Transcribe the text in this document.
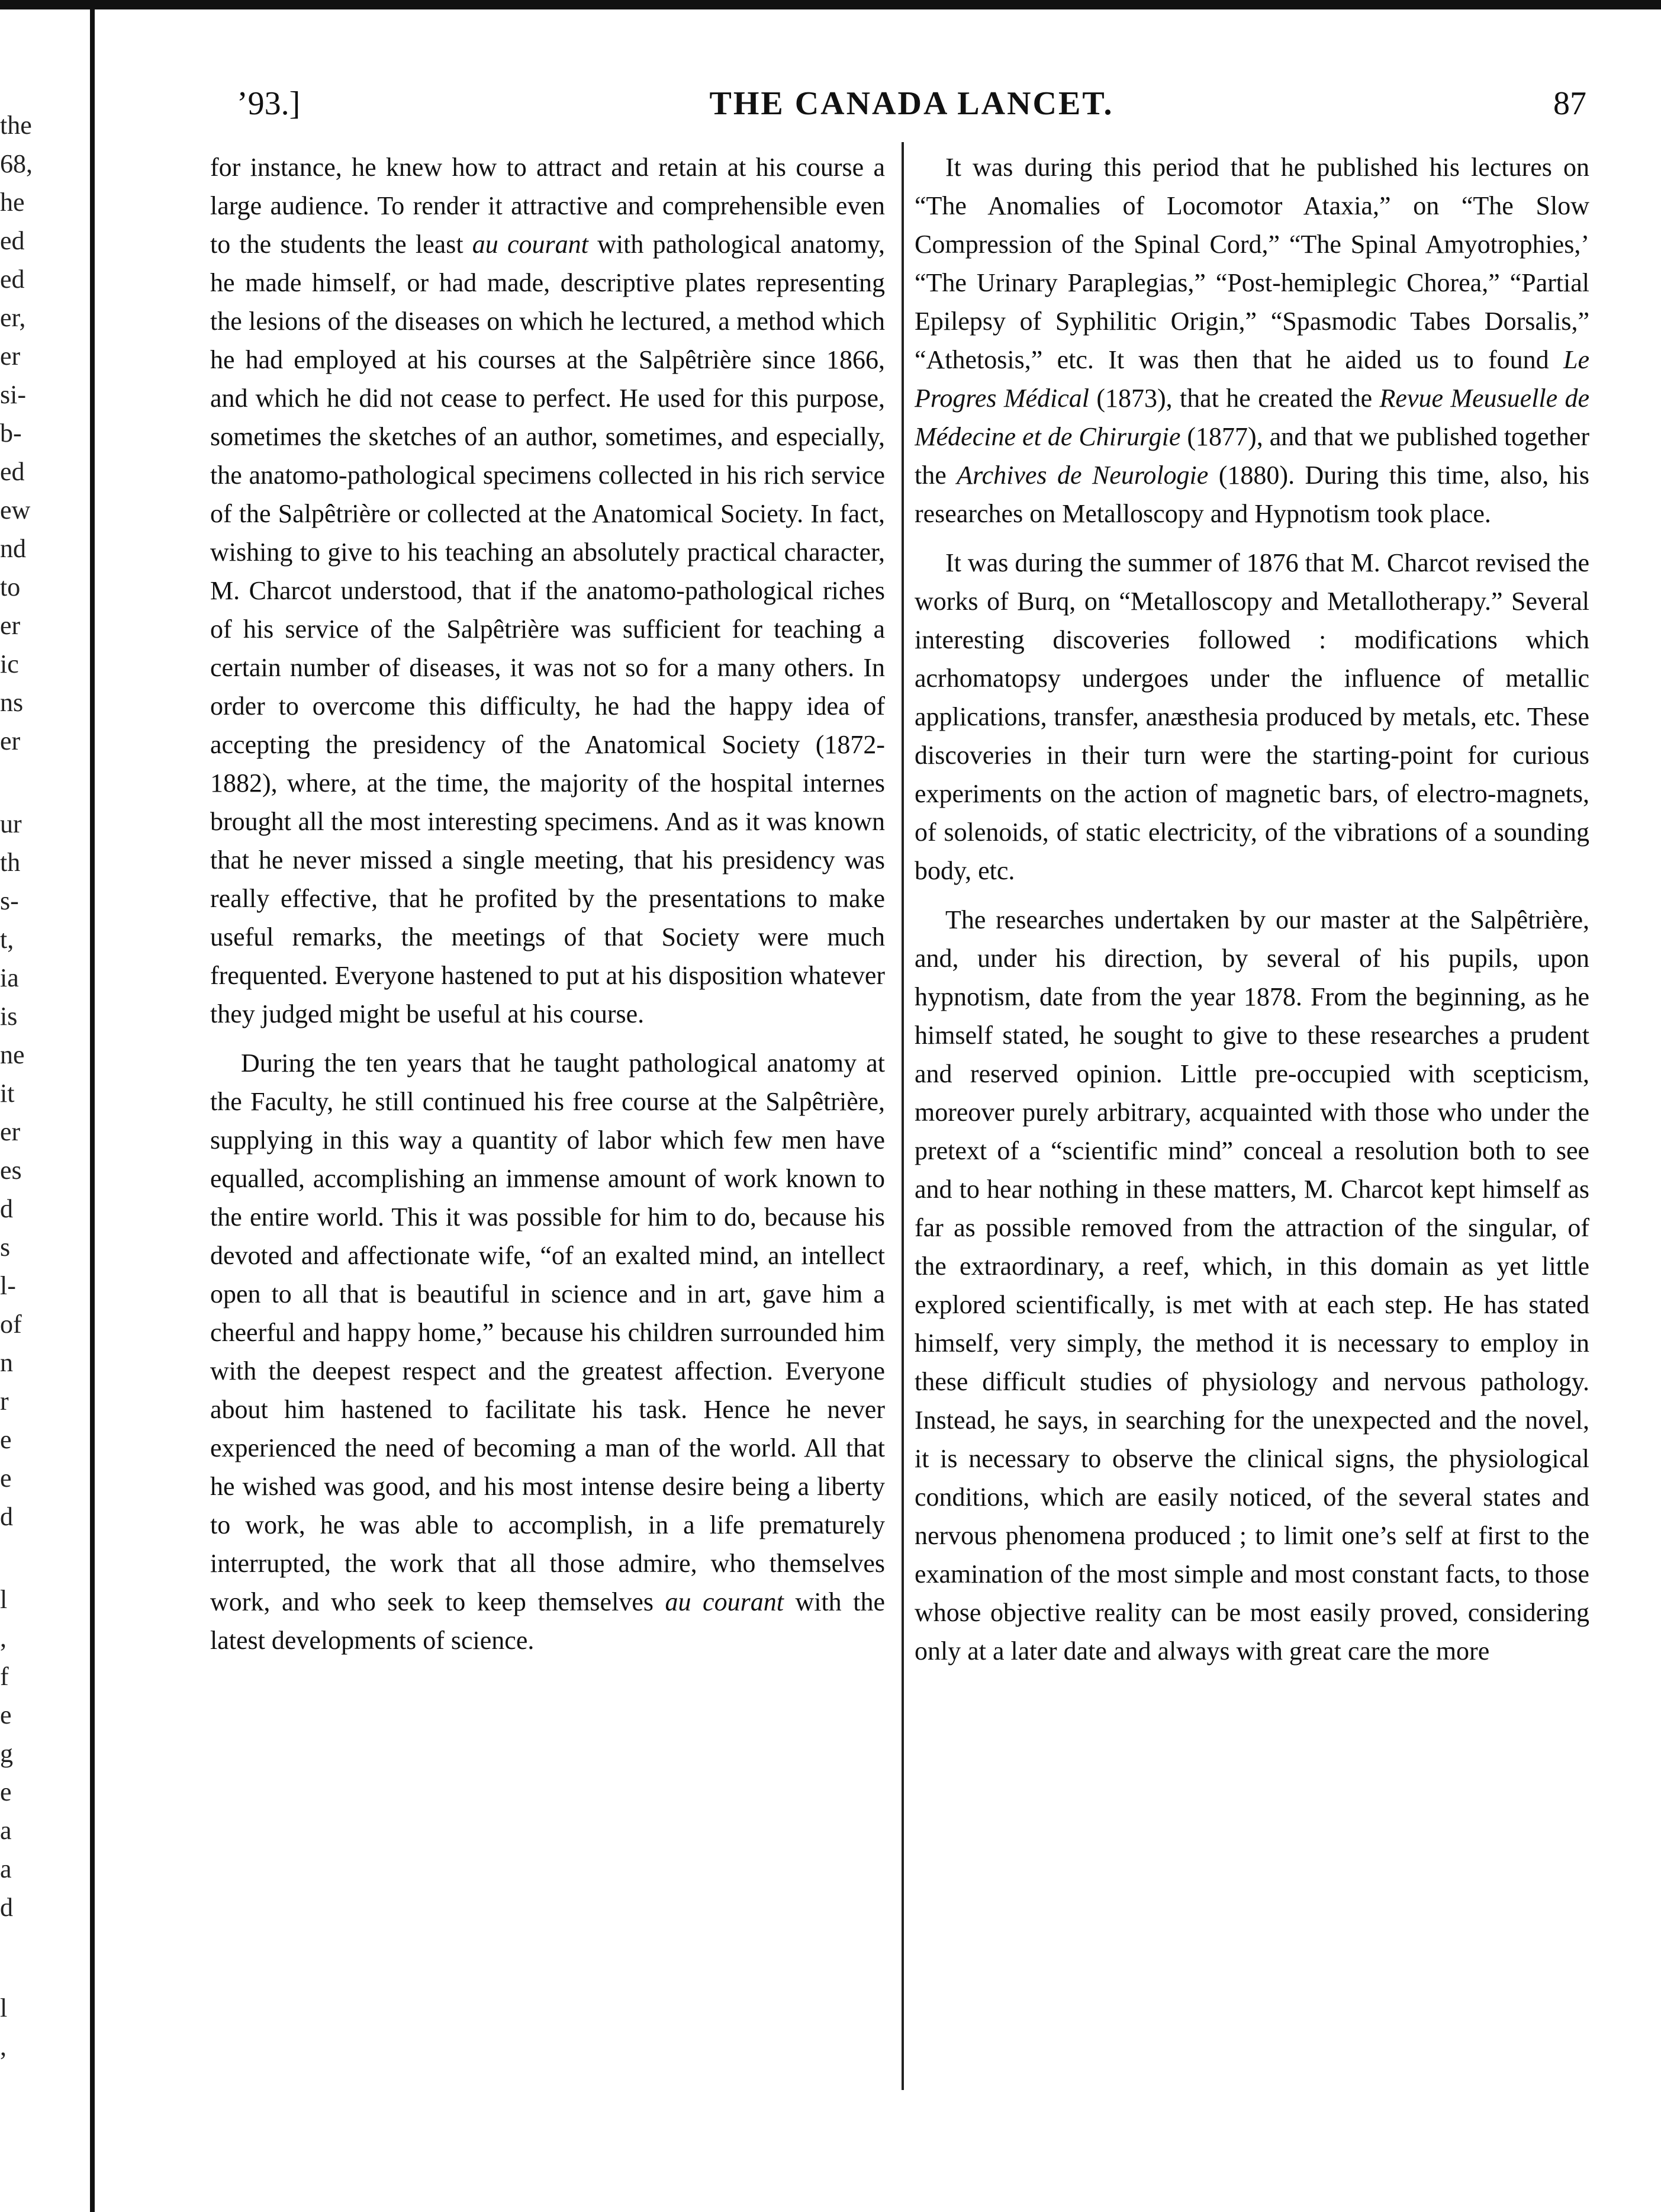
the
68,
he
ed
ed
er,
er
si-
b-
ed
ew
nd
to
er
ic
ns
er
ur
th
s-
t,
ia
is
ne
it
er
es
d
s
l-
of
n
r
e
e
d
l
,
f
e
g
e
a
a
d
l
,
’93.]	THE CANADA LANCET.	87

for instance, he knew how to attract and retain at his course a large audience. To render it attractive and comprehensible even to the students the least au courant with pathological anatomy, he made himself, or had made, descriptive plates representing the lesions of the diseases on which he lectured, a method which he had employed at his courses at the Salpêtrière since 1866, and which he did not cease to perfect. He used for this purpose, sometimes the sketches of an author, sometimes, and especially, the anatomo-pathological specimens collected in his rich service of the Salpêtrière or collected at the Anatomical Society. In fact, wishing to give to his teaching an absolutely practical character, M. Charcot understood, that if the anatomo-pathological riches of his service of the Salpêtrière was sufficient for teaching a certain number of diseases, it was not so for a many others. In order to overcome this difficulty, he had the happy idea of accepting the presidency of the Anatomical Society (1872-1882), where, at the time, the majority of the hospital internes brought all the most interesting specimens. And as it was known that he never missed a single meeting, that his presidency was really effective, that he profited by the presentations to make useful remarks, the meetings of that Society were much frequented. Everyone hastened to put at his disposition whatever they judged might be useful at his course.

During the ten years that he taught pathological anatomy at the Faculty, he still continued his free course at the Salpêtrière, supplying in this way a quantity of labor which few men have equalled, accomplishing an immense amount of work known to the entire world. This it was possible for him to do, because his devoted and affectionate wife, “of an exalted mind, an intellect open to all that is beautiful in science and in art, gave him a cheerful and happy home,” because his children surrounded him with the deepest respect and the greatest affection. Everyone about him hastened to facilitate his task. Hence he never experienced the need of becoming a man of the world. All that he wished was good, and his most intense desire being a liberty to work, he was able to accomplish, in a life prematurely interrupted, the work that all those admire, who themselves work, and who seek to keep themselves au courant with the latest developments of science.

It was during this period that he published his lectures on “The Anomalies of Locomotor Ataxia,” on “The Slow Compression of the Spinal Cord,” “The Spinal Amyotrophies,’ “The Urinary Paraplegias,” “Post-hemiplegic Chorea,” “Partial Epilepsy of Syphilitic Origin,” “Spasmodic Tabes Dorsalis,” “Athetosis,” etc. It was then that he aided us to found Le Progres Médical (1873), that he created the Revue Meusuelle de Médecine et de Chirurgie (1877), and that we published together the Archives de Neurologie (1880). During this time, also, his researches on Metalloscopy and Hypnotism took place.

It was during the summer of 1876 that M. Charcot revised the works of Burq, on “Metalloscopy and Metallotherapy.” Several interesting discoveries followed : modifications which acrhomatopsy undergoes under the influence of metallic applications, transfer, anæsthesia produced by metals, etc. These discoveries in their turn were the starting-point for curious experiments on the action of magnetic bars, of electro-magnets, of solenoids, of static electricity, of the vibrations of a sounding body, etc.

The researches undertaken by our master at the Salpêtrière, and, under his direction, by several of his pupils, upon hypnotism, date from the year 1878. From the beginning, as he himself stated, he sought to give to these researches a prudent and reserved opinion. Little pre-occupied with scepticism, moreover purely arbitrary, acquainted with those who under the pretext of a “scientific mind” conceal a resolution both to see and to hear nothing in these matters, M. Charcot kept himself as far as possible removed from the attraction of the singular, of the extraordinary, a reef, which, in this domain as yet little explored scientifically, is met with at each step. He has stated himself, very simply, the method it is necessary to employ in these difficult studies of physiology and nervous pathology. Instead, he says, in searching for the unexpected and the novel, it is necessary to observe the clinical signs, the physiological conditions, which are easily noticed, of the several states and nervous phenomena produced ; to limit one’s self at first to the examination of the most simple and most constant facts, to those whose objective reality can be most easily proved, considering only at a later date and always with great care the more
